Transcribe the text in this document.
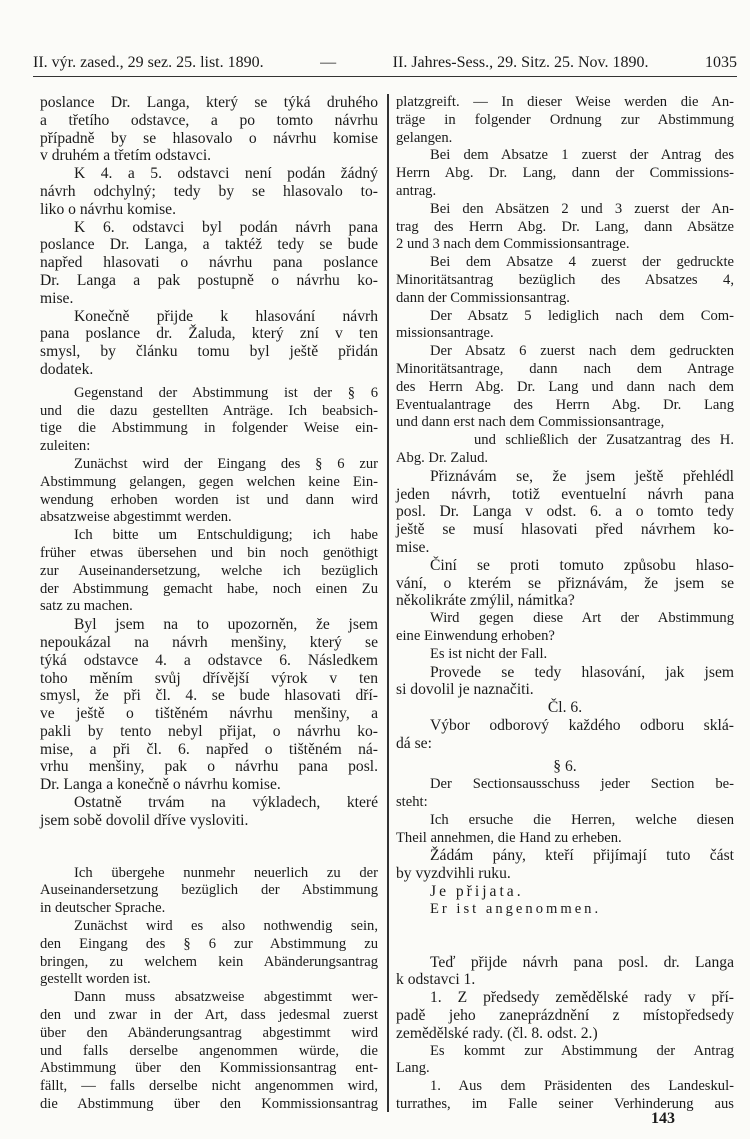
II. výr. zased., 29 sez. 25. list. 1890.	—	II. Jahres-Sess., 29. Sitz. 25. Nov. 1890.	1035
poslance Dr. Langa, který se týká druhého
a třetího odstavce, a po tomto návrhu
případně by se hlasovalo o návrhu komise
v druhém a třetím odstavci.
K 4. a 5. odstavci není podán žádný
návrh odchylný; tedy by se hlasovalo to-
liko o návrhu komise.
K 6. odstavci byl podán návrh pana
poslance Dr. Langa, a taktéž tedy se bude
napřed hlasovati o návrhu pana poslance
Dr. Langa a pak postupně o návrhu ko-
mise.
Konečně přijde k hlasování návrh
pana poslance dr. Žaluda, který zní v ten
smysl, by článku tomu byl ještě přidán
dodatek.
Gegenstand der Abstimmung ist der § 6
und die dazu gestellten Anträge. Ich beabsich-
tige die Abstimmung in folgender Weise ein-
zuleiten:
Zunächst wird der Eingang des § 6 zur
Abstimmung gelangen, gegen welchen keine Ein-
wendung erhoben worden ist und dann wird
absatzweise abgestimmt werden.
Ich bitte um Entschuldigung; ich habe
früher etwas übersehen und bin noch genöthigt
zur Auseinandersetzung, welche ich bezüglich
der Abstimmung gemacht habe, noch einen Zu
satz zu machen.
Byl jsem na to upozorněn, že jsem
nepoukázal na návrh menšiny, který se
týká odstavce 4. a odstavce 6. Následkem
toho měním svůj dřívější výrok v ten
smysl, že při čl. 4. se bude hlasovati dří-
ve ještě o tištěném návrhu menšiny, a
pakli by tento nebyl přijat, o návrhu ko-
mise, a při čl. 6. napřed o tištěném ná-
vrhu menšiny, pak o návrhu pana posl.
Dr. Langa a konečně o návrhu komise.
Ostatně trvám na výkladech, které
jsem sobě dovolil dříve vysloviti.
Ich übergehe nunmehr neuerlich zu der
Auseinandersetzung bezüglich der Abstimmung
in deutscher Sprache.
Zunächst wird es also nothwendig sein,
den Eingang des § 6 zur Abstimmung zu
bringen, zu welchem kein Abänderungsantrag
gestellt worden ist.
Dann muss absatzweise abgestimmt wer-
den und zwar in der Art, dass jedesmal zuerst
über den Abänderungsantrag abgestimmt wird
und falls derselbe angenommen würde, die
Abstimmung über den Kommissionsantrag ent-
fällt, — falls derselbe nicht angenommen wird,
die Abstimmung über den Kommissionsantrag
platzgreift. — In dieser Weise werden die An-
träge in folgender Ordnung zur Abstimmung
gelangen.
Bei dem Absatze 1 zuerst der Antrag des
Herrn Abg. Dr. Lang, dann der Commissions-
antrag.
Bei den Absätzen 2 und 3 zuerst der An-
trag des Herrn Abg. Dr. Lang, dann Absätze
2 und 3 nach dem Commissionsantrage.
Bei dem Absatze 4 zuerst der gedruckte
Minoritätsantrag bezüglich des Absatzes 4,
dann der Commissionsantrag.
Der Absatz 5 lediglich nach dem Com-
missionsantrage.
Der Absatz 6 zuerst nach dem gedruckten
Minoritätsantrage, dann nach dem Antrage
des Herrn Abg. Dr. Lang und dann nach dem
Eventualantrage des Herrn Abg. Dr. Lang
und dann erst nach dem Commissionsantrage,
und schließlich der Zusatzantrag des H.
Abg. Dr. Zalud.
Přiznávám se, že jsem ještě přehlédl
jeden návrh, totiž eventuelní návrh pana
posl. Dr. Langa v odst. 6. a o tomto tedy
ještě se musí hlasovati před návrhem ko-
mise.
Činí se proti tomuto způsobu hlaso-
vání, o kterém se přiznávám, že jsem se
několikráte zmýlil, námitka?
Wird gegen diese Art der Abstimmung
eine Einwendung erhoben?
Es ist nicht der Fall.
Provede se tedy hlasování, jak jsem
si dovolil je naznačiti.
Čl. 6.
Výbor odborový každého odboru sklá-
dá se:
§ 6.
Der Sectionsausschuss jeder Section be-
steht:
Ich ersuche die Herren, welche diesen
Theil annehmen, die Hand zu erheben.
Žádám pány, kteří přijímají tuto část
by vyzdvihli ruku.
Je přijata.
Er ist angenommen.
Teď přijde návrh pana posl. dr. Langa
k odstavci 1.
1. Z předsedy zemědělské rady v pří-
padě jeho zaneprázdnění z místopředsedy
zemědělské rady. (čl. 8. odst. 2.)
Es kommt zur Abstimmung der Antrag
Lang.
1. Aus dem Präsidenten des Landeskul-
turrathes, im Falle seiner Verhinderung aus
143
